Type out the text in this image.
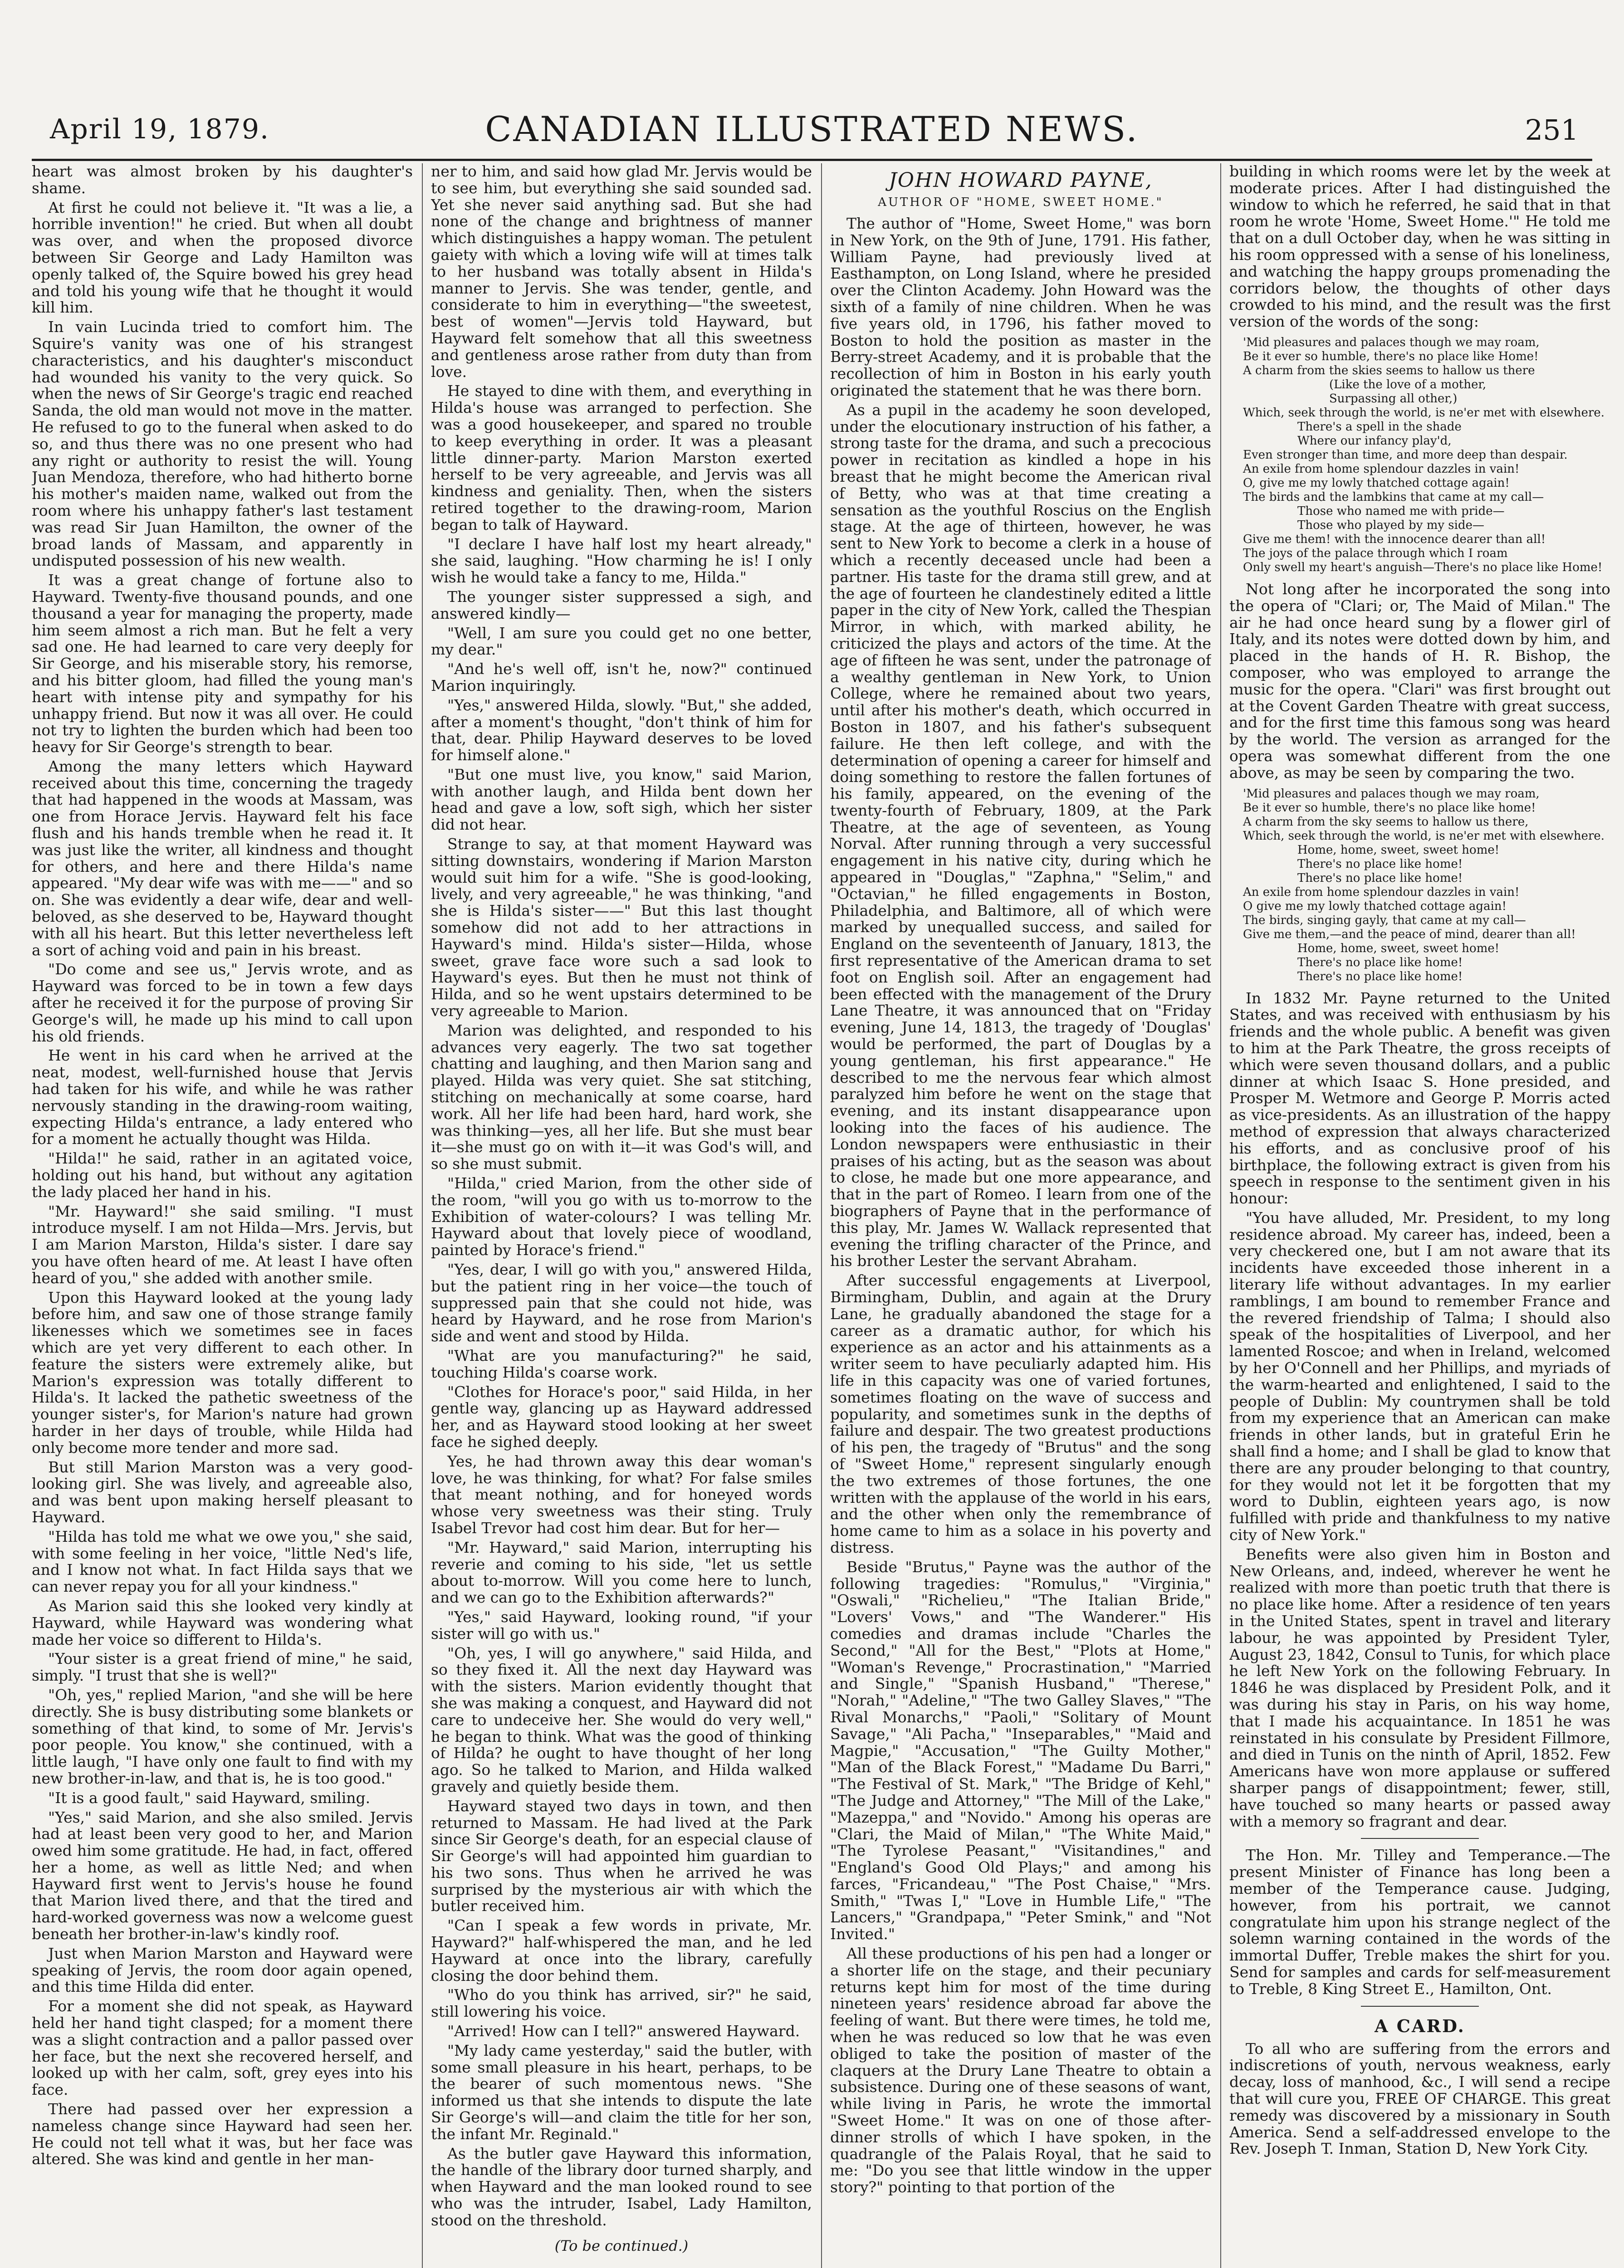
April 19, 1879.	CANADIAN ILLUSTRATED NEWS.	251

heart was almost broken by his daughter's shame.

At first he could not believe it. "It was a lie, a horrible invention!" he cried. But when all doubt was over, and when the proposed divorce between Sir George and Lady Hamilton was openly talked of, the Squire bowed his grey head and told his young wife that he thought it would kill him.

In vain Lucinda tried to comfort him. The Squire's vanity was one of his strangest characteristics, and his daughter's misconduct had wounded his vanity to the very quick. So when the news of Sir George's tragic end reached Sanda, the old man would not move in the matter. He refused to go to the funeral when asked to do so, and thus there was no one present who had any right or authority to resist the will. Young Juan Mendoza, therefore, who had hitherto borne his mother's maiden name, walked out from the room where his unhappy father's last testament was read Sir Juan Hamilton, the owner of the broad lands of Massam, and apparently in undisputed possession of his new wealth.

It was a great change of fortune also to Hayward. Twenty-five thousand pounds, and one thousand a year for managing the property, made him seem almost a rich man. But he felt a very sad one. He had learned to care very deeply for Sir George, and his miserable story, his remorse, and his bitter gloom, had filled the young man's heart with intense pity and sympathy for his unhappy friend. But now it was all over. He could not try to lighten the burden which had been too heavy for Sir George's strength to bear.

Among the many letters which Hayward received about this time, concerning the tragedy that had happened in the woods at Massam, was one from Horace Jervis. Hayward felt his face flush and his hands tremble when he read it. It was just like the writer, all kindness and thought for others, and here and there Hilda's name appeared. "My dear wife was with me——" and so on. She was evidently a dear wife, dear and well-beloved, as she deserved to be, Hayward thought with all his heart. But this letter nevertheless left a sort of aching void and pain in his breast.

"Do come and see us," Jervis wrote, and as Hayward was forced to be in town a few days after he received it for the purpose of proving Sir George's will, he made up his mind to call upon his old friends.

He went in his card when he arrived at the neat, modest, well-furnished house that Jervis had taken for his wife, and while he was rather nervously standing in the drawing-room waiting, expecting Hilda's entrance, a lady entered who for a moment he actually thought was Hilda.

"Hilda!" he said, rather in an agitated voice, holding out his hand, but without any agitation the lady placed her hand in his.

"Mr. Hayward!" she said smiling. "I must introduce myself. I am not Hilda—Mrs. Jervis, but I am Marion Marston, Hilda's sister. I dare say you have often heard of me. At least I have often heard of you," she added with another smile.

Upon this Hayward looked at the young lady before him, and saw one of those strange family likenesses which we sometimes see in faces which are yet very different to each other. In feature the sisters were extremely alike, but Marion's expression was totally different to Hilda's. It lacked the pathetic sweetness of the younger sister's, for Marion's nature had grown harder in her days of trouble, while Hilda had only become more tender and more sad.

But still Marion Marston was a very good-looking girl. She was lively, and agreeable also, and was bent upon making herself pleasant to Hayward.

"Hilda has told me what we owe you," she said, with some feeling in her voice, "little Ned's life, and I know not what. In fact Hilda says that we can never repay you for all your kindness."

As Marion said this she looked very kindly at Hayward, while Hayward was wondering what made her voice so different to Hilda's.

"Your sister is a great friend of mine," he said, simply. "I trust that she is well?"

"Oh, yes," replied Marion, "and she will be here directly. She is busy distributing some blankets or something of that kind, to some of Mr. Jervis's poor people. You know," she continued, with a little laugh, "I have only one fault to find with my new brother-in-law, and that is, he is too good."

"It is a good fault," said Hayward, smiling.

"Yes," said Marion, and she also smiled. Jervis had at least been very good to her, and Marion owed him some gratitude. He had, in fact, offered her a home, as well as little Ned; and when Hayward first went to Jervis's house he found that Marion lived there, and that the tired and hard-worked governess was now a welcome guest beneath her brother-in-law's kindly roof.

Just when Marion Marston and Hayward were speaking of Jervis, the room door again opened, and this time Hilda did enter.

For a moment she did not speak, as Hayward held her hand tight clasped; for a moment there was a slight contraction and a pallor passed over her face, but the next she recovered herself, and looked up with her calm, soft, grey eyes into his face.

There had passed over her expression a nameless change since Hayward had seen her. He could not tell what it was, but her face was altered. She was kind and gentle in her man-

ner to him, and said how glad Mr. Jervis would be to see him, but everything she said sounded sad. Yet she never said anything sad. But she had none of the change and brightness of manner which distinguishes a happy woman. The petulent gaiety with which a loving wife will at times talk to her husband was totally absent in Hilda's manner to Jervis. She was tender, gentle, and considerate to him in everything—"the sweetest, best of women"—Jervis told Hayward, but Hayward felt somehow that all this sweetness and gentleness arose rather from duty than from love.

He stayed to dine with them, and everything in Hilda's house was arranged to perfection. She was a good housekeeper, and spared no trouble to keep everything in order. It was a pleasant little dinner-party. Marion Marston exerted herself to be very agreeable, and Jervis was all kindness and geniality. Then, when the sisters retired together to the drawing-room, Marion began to talk of Hayward.

"I declare I have half lost my heart already," she said, laughing. "How charming he is! I only wish he would take a fancy to me, Hilda."

The younger sister suppressed a sigh, and answered kindly—

"Well, I am sure you could get no one better, my dear."

"And he's well off, isn't he, now?" continued Marion inquiringly.

"Yes," answered Hilda, slowly. "But," she added, after a moment's thought, "don't think of him for that, dear. Philip Hayward deserves to be loved for himself alone."

"But one must live, you know," said Marion, with another laugh, and Hilda bent down her head and gave a low, soft sigh, which her sister did not hear.

Strange to say, at that moment Hayward was sitting downstairs, wondering if Marion Marston would suit him for a wife. "She is good-looking, lively, and very agreeable," he was thinking, "and she is Hilda's sister——" But this last thought somehow did not add to her attractions in Hayward's mind. Hilda's sister—Hilda, whose sweet, grave face wore such a sad look to Hayward's eyes. But then he must not think of Hilda, and so he went upstairs determined to be very agreeable to Marion.

Marion was delighted, and responded to his advances very eagerly. The two sat together chatting and laughing, and then Marion sang and played. Hilda was very quiet. She sat stitching, stitching on mechanically at some coarse, hard work. All her life had been hard, hard work, she was thinking—yes, all her life. But she must bear it—she must go on with it—it was God's will, and so she must submit.

"Hilda," cried Marion, from the other side of the room, "will you go with us to-morrow to the Exhibition of water-colours? I was telling Mr. Hayward about that lovely piece of woodland, painted by Horace's friend."

"Yes, dear, I will go with you," answered Hilda, but the patient ring in her voice—the touch of suppressed pain that she could not hide, was heard by Hayward, and he rose from Marion's side and went and stood by Hilda.

"What are you manufacturing?" he said, touching Hilda's coarse work.

"Clothes for Horace's poor," said Hilda, in her gentle way, glancing up as Hayward addressed her, and as Hayward stood looking at her sweet face he sighed deeply.

Yes, he had thrown away this dear woman's love, he was thinking, for what? For false smiles that meant nothing, and for honeyed words whose very sweetness was their sting. Truly Isabel Trevor had cost him dear. But for her—

"Mr. Hayward," said Marion, interrupting his reverie and coming to his side, "let us settle about to-morrow. Will you come here to lunch, and we can go to the Exhibition afterwards?"

"Yes," said Hayward, looking round, "if your sister will go with us."

"Oh, yes, I will go anywhere," said Hilda, and so they fixed it. All the next day Hayward was with the sisters. Marion evidently thought that she was making a conquest, and Hayward did not care to undeceive her. She would do very well," he began to think. What was the good of thinking of Hilda? he ought to have thought of her long ago. So he talked to Marion, and Hilda walked gravely and quietly beside them.

Hayward stayed two days in town, and then returned to Massam. He had lived at the Park since Sir George's death, for an especial clause of Sir George's will had appointed him guardian to his two sons. Thus when he arrived he was surprised by the mysterious air with which the butler received him.

"Can I speak a few words in private, Mr. Hayward?" half-whispered the man, and he led Hayward at once into the library, carefully closing the door behind them.

"Who do you think has arrived, sir?" he said, still lowering his voice.

"Arrived! How can I tell?" answered Hayward.

"My lady came yesterday," said the butler, with some small pleasure in his heart, perhaps, to be the bearer of such momentous news. "She informed us that she intends to dispute the late Sir George's will—and claim the title for her son, the infant Mr. Reginald."

As the butler gave Hayward this information, the handle of the library door turned sharply, and when Hayward and the man looked round to see who was the intruder, Isabel, Lady Hamilton, stood on the threshold.

(To be continued.)
JOHN HOWARD PAYNE,
AUTHOR OF "HOME, SWEET HOME."

The author of "Home, Sweet Home," was born in New York, on the 9th of June, 1791. His father, William Payne, had previously lived at Easthampton, on Long Island, where he presided over the Clinton Academy. John Howard was the sixth of a family of nine children. When he was five years old, in 1796, his father moved to Boston to hold the position as master in the Berry-street Academy, and it is probable that the recollection of him in Boston in his early youth originated the statement that he was there born.

As a pupil in the academy he soon developed, under the elocutionary instruction of his father, a strong taste for the drama, and such a precocious power in recitation as kindled a hope in his breast that he might become the American rival of Betty, who was at that time creating a sensation as the youthful Roscius on the English stage. At the age of thirteen, however, he was sent to New York to become a clerk in a house of which a recently deceased uncle had been a partner. His taste for the drama still grew, and at the age of fourteen he clandestinely edited a little paper in the city of New York, called the Thespian Mirror, in which, with marked ability, he criticized the plays and actors of the time. At the age of fifteen he was sent, under the patronage of a wealthy gentleman in New York, to Union College, where he remained about two years, until after his mother's death, which occurred in Boston in 1807, and his father's subsequent failure. He then left college, and with the determination of opening a career for himself and doing something to restore the fallen fortunes of his family, appeared, on the evening of the twenty-fourth of February, 1809, at the Park Theatre, at the age of seventeen, as Young Norval. After running through a very successful engagement in his native city, during which he appeared in "Douglas," "Zaphna," "Selim," and "Octavian," he filled engagements in Boston, Philadelphia, and Baltimore, all of which were marked by unequalled success, and sailed for England on the seventeenth of January, 1813, the first representative of the American drama to set foot on English soil. After an engagement had been effected with the management of the Drury Lane Theatre, it was announced that on "Friday evening, June 14, 1813, the tragedy of 'Douglas' would be performed, the part of Douglas by a young gentleman, his first appearance." He described to me the nervous fear which almost paralyzed him before he went on the stage that evening, and its instant disappearance upon looking into the faces of his audience. The London newspapers were enthusiastic in their praises of his acting, but as the season was about to close, he made but one more appearance, and that in the part of Romeo. I learn from one of the biographers of Payne that in the performance of this play, Mr. James W. Wallack represented that evening the trifling character of the Prince, and his brother Lester the servant Abraham.

After successful engagements at Liverpool, Birmingham, Dublin, and again at the Drury Lane, he gradually abandoned the stage for a career as a dramatic author, for which his experience as an actor and his attainments as a writer seem to have peculiarly adapted him. His life in this capacity was one of varied fortunes, sometimes floating on the wave of success and popularity, and sometimes sunk in the depths of failure and despair. The two greatest productions of his pen, the tragedy of "Brutus" and the song of "Sweet Home," represent singularly enough the two extremes of those fortunes, the one written with the applause of the world in his ears, and the other when only the remembrance of home came to him as a solace in his poverty and distress.

Beside "Brutus," Payne was the author of the following tragedies: "Romulus," "Virginia," "Oswali," "Richelieu," "The Italian Bride," "Lovers' Vows," and "The Wanderer." His comedies and dramas include "Charles the Second," "All for the Best," "Plots at Home," "Woman's Revenge," Procrastination," "Married and Single," "Spanish Husband," "Therese," "Norah," "Adeline," "The two Galley Slaves," "The Rival Monarchs," "Paoli," "Solitary of Mount Savage," "Ali Pacha," "Inseparables," "Maid and Magpie," "Accusation," "The Guilty Mother," "Man of the Black Forest," "Madame Du Barri," "The Festival of St. Mark," "The Bridge of Kehl," "The Judge and Attorney," "The Mill of the Lake," "Mazeppa," and "Novido." Among his operas are "Clari, the Maid of Milan," "The White Maid," "The Tyrolese Peasant," "Visitandines," and "England's Good Old Plays;" and among his farces, "Fricandeau," "The Post Chaise," "Mrs. Smith," "Twas I," "Love in Humble Life," "The Lancers," "Grandpapa," "Peter Smink," and "Not Invited."

All these productions of his pen had a longer or a shorter life on the stage, and their pecuniary returns kept him for most of the time during nineteen years' residence abroad far above the feeling of want. But there were times, he told me, when he was reduced so low that he was even obliged to take the position of master of the claquers at the Drury Lane Theatre to obtain a subsistence. During one of these seasons of want, while living in Paris, he wrote the immortal "Sweet Home." It was on one of those after-dinner strolls of which I have spoken, in the quadrangle of the Palais Royal, that he said to me: "Do you see that little window in the upper story?" pointing to that portion of the

building in which rooms were let by the week at moderate prices. After I had distinguished the window to which he referred, he said that in that room he wrote 'Home, Sweet Home.'" He told me that on a dull October day, when he was sitting in his room oppressed with a sense of his loneliness, and watching the happy groups promenading the corridors below, the thoughts of other days crowded to his mind, and the result was the first version of the words of the song:

'Mid pleasures and palaces though we may roam,
Be it ever so humble, there's no place like Home!
A charm from the skies seems to hallow us there
(Like the love of a mother,
Surpassing all other,)
Which, seek through the world, is ne'er met with elsewhere.
There's a spell in the shade
Where our infancy play'd,
Even stronger than time, and more deep than despair.
An exile from home splendour dazzles in vain!
O, give me my lowly thatched cottage again!
The birds and the lambkins that came at my call—
Those who named me with pride—
Those who played by my side—
Give me them! with the innocence dearer than all!
The joys of the palace through which I roam
Only swell my heart's anguish—There's no place like Home!

Not long after he incorporated the song into the opera of "Clari; or, The Maid of Milan." The air he had once heard sung by a flower girl of Italy, and its notes were dotted down by him, and placed in the hands of H. R. Bishop, the composer, who was employed to arrange the music for the opera. "Clari" was first brought out at the Covent Garden Theatre with great success, and for the first time this famous song was heard by the world. The version as arranged for the opera was somewhat different from the one above, as may be seen by comparing the two.

'Mid pleasures and palaces though we may roam,
Be it ever so humble, there's no place like home!
A charm from the sky seems to hallow us there,
Which, seek through the world, is ne'er met with elsewhere.
Home, home, sweet, sweet home!
There's no place like home!
There's no place like home!
An exile from home splendour dazzles in vain!
O give me my lowly thatched cottage again!
The birds, singing gayly, that came at my call—
Give me them,—and the peace of mind, dearer than all!
Home, home, sweet, sweet home!
There's no place like home!
There's no place like home!

In 1832 Mr. Payne returned to the United States, and was received with enthusiasm by his friends and the whole public. A benefit was given to him at the Park Theatre, the gross receipts of which were seven thousand dollars, and a public dinner at which Isaac S. Hone presided, and Prosper M. Wetmore and George P. Morris acted as vice-presidents. As an illustration of the happy method of expression that always characterized his efforts, and as conclusive proof of his birthplace, the following extract is given from his speech in response to the sentiment given in his honour:

"You have alluded, Mr. President, to my long residence abroad. My career has, indeed, been a very checkered one, but I am not aware that its incidents have exceeded those inherent in a literary life without advantages. In my earlier ramblings, I am bound to remember France and the revered friendship of Talma; I should also speak of the hospitalities of Liverpool, and her lamented Roscoe; and when in Ireland, welcomed by her O'Connell and her Phillips, and myriads of the warm-hearted and enlightened, I said to the people of Dublin: My countrymen shall be told from my experience that an American can make friends in other lands, but in grateful Erin he shall find a home; and I shall be glad to know that there are any prouder belonging to that country, for they would not let it be forgotten that my word to Dublin, eighteen years ago, is now fulfilled with pride and thankfulness to my native city of New York."

Benefits were also given him in Boston and New Orleans, and, indeed, wherever he went he realized with more than poetic truth that there is no place like home. After a residence of ten years in the United States, spent in travel and literary labour, he was appointed by President Tyler, August 23, 1842, Consul to Tunis, for which place he left New York on the following February. In 1846 he was displaced by President Polk, and it was during his stay in Paris, on his way home, that I made his acquaintance. In 1851 he was reinstated in his consulate by President Fillmore, and died in Tunis on the ninth of April, 1852. Few Americans have won more applause or suffered sharper pangs of disappointment; fewer, still, have touched so many hearts or passed away with a memory so fragrant and dear.

The Hon. Mr. Tilley and Temperance.—The present Minister of Finance has long been a member of the Temperance cause. Judging, however, from his portrait, we cannot congratulate him upon his strange neglect of the solemn warning contained in the words of the immortal Duffer, Treble makes the shirt for you. Send for samples and cards for self-measurement to Treble, 8 King Street E., Hamilton, Ont.

A CARD.

To all who are suffering from the errors and indiscretions of youth, nervous weakness, early decay, loss of manhood, &c., I will send a recipe that will cure you, FREE OF CHARGE. This great remedy was discovered by a missionary in South America. Send a self-addressed envelope to the Rev. Joseph T. Inman, Station D, New York City.
